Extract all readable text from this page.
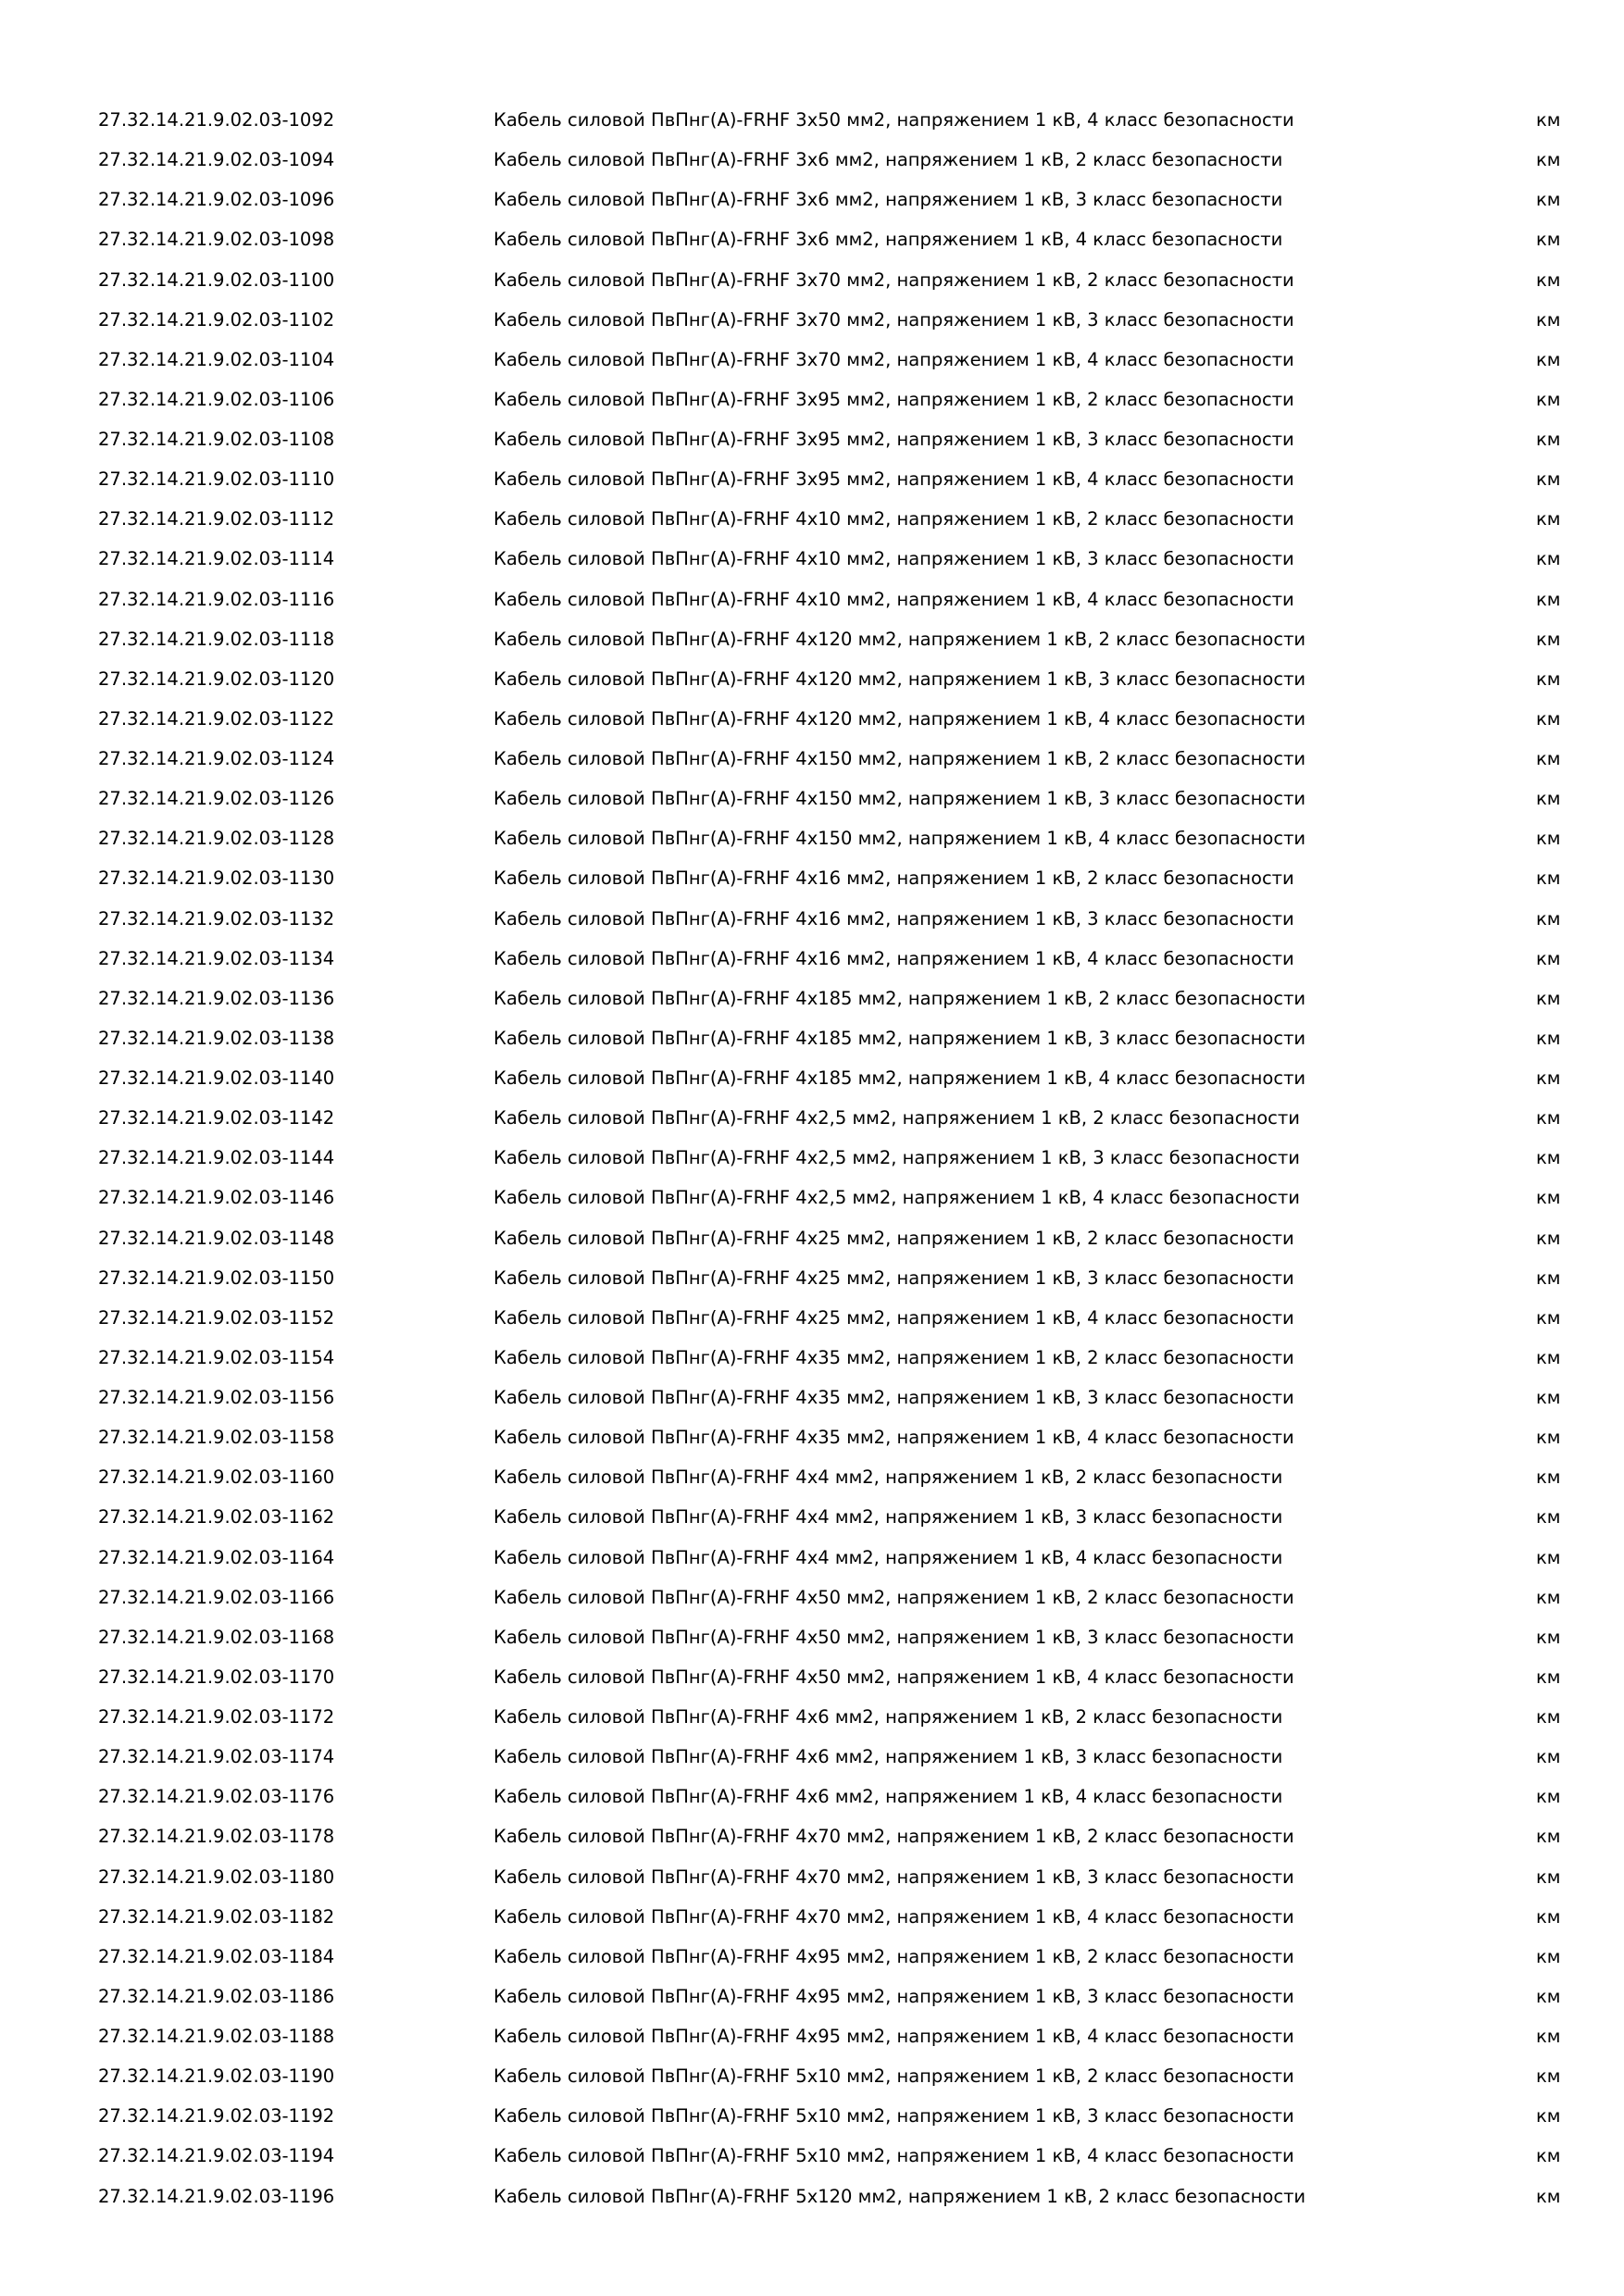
27.32.14.21.9.02.03-1092	Кабель силовой ПвПнг(А)-FRHF 3x50 мм2, напряжением 1 кВ, 4 класс безопасности	км
27.32.14.21.9.02.03-1094	Кабель силовой ПвПнг(А)-FRHF 3x6 мм2, напряжением 1 кВ, 2 класс безопасности	км
27.32.14.21.9.02.03-1096	Кабель силовой ПвПнг(А)-FRHF 3x6 мм2, напряжением 1 кВ, 3 класс безопасности	км
27.32.14.21.9.02.03-1098	Кабель силовой ПвПнг(А)-FRHF 3x6 мм2, напряжением 1 кВ, 4 класс безопасности	км
27.32.14.21.9.02.03-1100	Кабель силовой ПвПнг(А)-FRHF 3x70 мм2, напряжением 1 кВ, 2 класс безопасности	км
27.32.14.21.9.02.03-1102	Кабель силовой ПвПнг(А)-FRHF 3x70 мм2, напряжением 1 кВ, 3 класс безопасности	км
27.32.14.21.9.02.03-1104	Кабель силовой ПвПнг(А)-FRHF 3x70 мм2, напряжением 1 кВ, 4 класс безопасности	км
27.32.14.21.9.02.03-1106	Кабель силовой ПвПнг(А)-FRHF 3x95 мм2, напряжением 1 кВ, 2 класс безопасности	км
27.32.14.21.9.02.03-1108	Кабель силовой ПвПнг(А)-FRHF 3x95 мм2, напряжением 1 кВ, 3 класс безопасности	км
27.32.14.21.9.02.03-1110	Кабель силовой ПвПнг(А)-FRHF 3x95 мм2, напряжением 1 кВ, 4 класс безопасности	км
27.32.14.21.9.02.03-1112	Кабель силовой ПвПнг(А)-FRHF 4x10 мм2, напряжением 1 кВ, 2 класс безопасности	км
27.32.14.21.9.02.03-1114	Кабель силовой ПвПнг(А)-FRHF 4x10 мм2, напряжением 1 кВ, 3 класс безопасности	км
27.32.14.21.9.02.03-1116	Кабель силовой ПвПнг(А)-FRHF 4x10 мм2, напряжением 1 кВ, 4 класс безопасности	км
27.32.14.21.9.02.03-1118	Кабель силовой ПвПнг(А)-FRHF 4x120 мм2, напряжением 1 кВ, 2 класс безопасности	км
27.32.14.21.9.02.03-1120	Кабель силовой ПвПнг(А)-FRHF 4x120 мм2, напряжением 1 кВ, 3 класс безопасности	км
27.32.14.21.9.02.03-1122	Кабель силовой ПвПнг(А)-FRHF 4x120 мм2, напряжением 1 кВ, 4 класс безопасности	км
27.32.14.21.9.02.03-1124	Кабель силовой ПвПнг(А)-FRHF 4x150 мм2, напряжением 1 кВ, 2 класс безопасности	км
27.32.14.21.9.02.03-1126	Кабель силовой ПвПнг(А)-FRHF 4x150 мм2, напряжением 1 кВ, 3 класс безопасности	км
27.32.14.21.9.02.03-1128	Кабель силовой ПвПнг(А)-FRHF 4x150 мм2, напряжением 1 кВ, 4 класс безопасности	км
27.32.14.21.9.02.03-1130	Кабель силовой ПвПнг(А)-FRHF 4x16 мм2, напряжением 1 кВ, 2 класс безопасности	км
27.32.14.21.9.02.03-1132	Кабель силовой ПвПнг(А)-FRHF 4x16 мм2, напряжением 1 кВ, 3 класс безопасности	км
27.32.14.21.9.02.03-1134	Кабель силовой ПвПнг(А)-FRHF 4x16 мм2, напряжением 1 кВ, 4 класс безопасности	км
27.32.14.21.9.02.03-1136	Кабель силовой ПвПнг(А)-FRHF 4x185 мм2, напряжением 1 кВ, 2 класс безопасности	км
27.32.14.21.9.02.03-1138	Кабель силовой ПвПнг(А)-FRHF 4x185 мм2, напряжением 1 кВ, 3 класс безопасности	км
27.32.14.21.9.02.03-1140	Кабель силовой ПвПнг(А)-FRHF 4x185 мм2, напряжением 1 кВ, 4 класс безопасности	км
27.32.14.21.9.02.03-1142	Кабель силовой ПвПнг(А)-FRHF 4x2,5 мм2, напряжением 1 кВ, 2 класс безопасности	км
27.32.14.21.9.02.03-1144	Кабель силовой ПвПнг(А)-FRHF 4x2,5 мм2, напряжением 1 кВ, 3 класс безопасности	км
27.32.14.21.9.02.03-1146	Кабель силовой ПвПнг(А)-FRHF 4x2,5 мм2, напряжением 1 кВ, 4 класс безопасности	км
27.32.14.21.9.02.03-1148	Кабель силовой ПвПнг(А)-FRHF 4x25 мм2, напряжением 1 кВ, 2 класс безопасности	км
27.32.14.21.9.02.03-1150	Кабель силовой ПвПнг(А)-FRHF 4x25 мм2, напряжением 1 кВ, 3 класс безопасности	км
27.32.14.21.9.02.03-1152	Кабель силовой ПвПнг(А)-FRHF 4x25 мм2, напряжением 1 кВ, 4 класс безопасности	км
27.32.14.21.9.02.03-1154	Кабель силовой ПвПнг(А)-FRHF 4x35 мм2, напряжением 1 кВ, 2 класс безопасности	км
27.32.14.21.9.02.03-1156	Кабель силовой ПвПнг(А)-FRHF 4x35 мм2, напряжением 1 кВ, 3 класс безопасности	км
27.32.14.21.9.02.03-1158	Кабель силовой ПвПнг(А)-FRHF 4x35 мм2, напряжением 1 кВ, 4 класс безопасности	км
27.32.14.21.9.02.03-1160	Кабель силовой ПвПнг(А)-FRHF 4x4 мм2, напряжением 1 кВ, 2 класс безопасности	км
27.32.14.21.9.02.03-1162	Кабель силовой ПвПнг(А)-FRHF 4x4 мм2, напряжением 1 кВ, 3 класс безопасности	км
27.32.14.21.9.02.03-1164	Кабель силовой ПвПнг(А)-FRHF 4x4 мм2, напряжением 1 кВ, 4 класс безопасности	км
27.32.14.21.9.02.03-1166	Кабель силовой ПвПнг(А)-FRHF 4x50 мм2, напряжением 1 кВ, 2 класс безопасности	км
27.32.14.21.9.02.03-1168	Кабель силовой ПвПнг(А)-FRHF 4x50 мм2, напряжением 1 кВ, 3 класс безопасности	км
27.32.14.21.9.02.03-1170	Кабель силовой ПвПнг(А)-FRHF 4x50 мм2, напряжением 1 кВ, 4 класс безопасности	км
27.32.14.21.9.02.03-1172	Кабель силовой ПвПнг(А)-FRHF 4x6 мм2, напряжением 1 кВ, 2 класс безопасности	км
27.32.14.21.9.02.03-1174	Кабель силовой ПвПнг(А)-FRHF 4x6 мм2, напряжением 1 кВ, 3 класс безопасности	км
27.32.14.21.9.02.03-1176	Кабель силовой ПвПнг(А)-FRHF 4x6 мм2, напряжением 1 кВ, 4 класс безопасности	км
27.32.14.21.9.02.03-1178	Кабель силовой ПвПнг(А)-FRHF 4x70 мм2, напряжением 1 кВ, 2 класс безопасности	км
27.32.14.21.9.02.03-1180	Кабель силовой ПвПнг(А)-FRHF 4x70 мм2, напряжением 1 кВ, 3 класс безопасности	км
27.32.14.21.9.02.03-1182	Кабель силовой ПвПнг(А)-FRHF 4x70 мм2, напряжением 1 кВ, 4 класс безопасности	км
27.32.14.21.9.02.03-1184	Кабель силовой ПвПнг(А)-FRHF 4x95 мм2, напряжением 1 кВ, 2 класс безопасности	км
27.32.14.21.9.02.03-1186	Кабель силовой ПвПнг(А)-FRHF 4x95 мм2, напряжением 1 кВ, 3 класс безопасности	км
27.32.14.21.9.02.03-1188	Кабель силовой ПвПнг(А)-FRHF 4x95 мм2, напряжением 1 кВ, 4 класс безопасности	км
27.32.14.21.9.02.03-1190	Кабель силовой ПвПнг(А)-FRHF 5x10 мм2, напряжением 1 кВ, 2 класс безопасности	км
27.32.14.21.9.02.03-1192	Кабель силовой ПвПнг(А)-FRHF 5x10 мм2, напряжением 1 кВ, 3 класс безопасности	км
27.32.14.21.9.02.03-1194	Кабель силовой ПвПнг(А)-FRHF 5x10 мм2, напряжением 1 кВ, 4 класс безопасности	км
27.32.14.21.9.02.03-1196	Кабель силовой ПвПнг(А)-FRHF 5x120 мм2, напряжением 1 кВ, 2 класс безопасности	км
